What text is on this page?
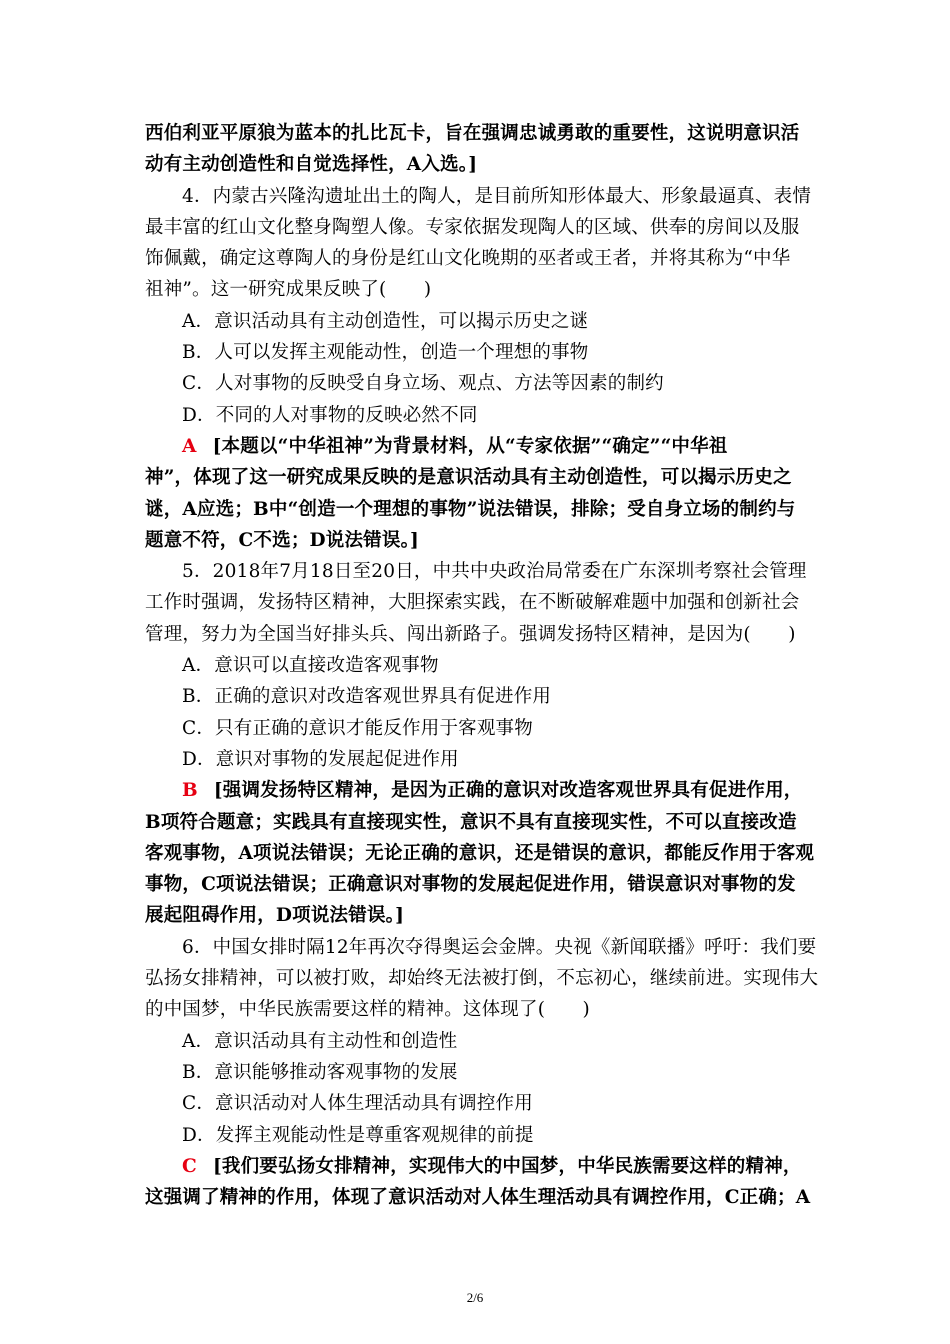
西伯利亚平原狼为蓝本的扎比瓦卡，旨在强调忠诚勇敢的重要性，这说明意识活
动有主动创造性和自觉选择性，A入选。]
4．内蒙古兴隆沟遗址出土的陶人，是目前所知形体最大、形象最逼真、表情
最丰富的红山文化整身陶塑人像。专家依据发现陶人的区域、供奉的房间以及服
饰佩戴，确定这尊陶人的身份是红山文化晚期的巫者或王者，并将其称为“中华
祖神”。这一研究成果反映了(　　)
A．意识活动具有主动创造性，可以揭示历史之谜
B．人可以发挥主观能动性，创造一个理想的事物
C．人对事物的反映受自身立场、观点、方法等因素的制约
D．不同的人对事物的反映必然不同
A [本题以“中华祖神”为背景材料，从“专家依据”“确定”“中华祖
神”，体现了这一研究成果反映的是意识活动具有主动创造性，可以揭示历史之
谜，A应选；B中“创造一个理想的事物”说法错误，排除；受自身立场的制约与
题意不符，C不选；D说法错误。]
5．2018年7月18日至20日，中共中央政治局常委在广东深圳考察社会管理
工作时强调，发扬特区精神，大胆探索实践，在不断破解难题中加强和创新社会
管理，努力为全国当好排头兵、闯出新路子。强调发扬特区精神，是因为(　　)
A．意识可以直接改造客观事物
B．正确的意识对改造客观世界具有促进作用
C．只有正确的意识才能反作用于客观事物
D．意识对事物的发展起促进作用
B [强调发扬特区精神，是因为正确的意识对改造客观世界具有促进作用，
B项符合题意；实践具有直接现实性，意识不具有直接现实性，不可以直接改造
客观事物，A项说法错误；无论正确的意识，还是错误的意识，都能反作用于客观
事物，C项说法错误；正确意识对事物的发展起促进作用，错误意识对事物的发
展起阻碍作用，D项说法错误。]
6．中国女排时隔12年再次夺得奥运会金牌。央视《新闻联播》呼吁：我们要
弘扬女排精神，可以被打败，却始终无法被打倒，不忘初心，继续前进。实现伟大
的中国梦，中华民族需要这样的精神。这体现了(　　)
A．意识活动具有主动性和创造性
B．意识能够推动客观事物的发展
C．意识活动对人体生理活动具有调控作用
D．发挥主观能动性是尊重客观规律的前提
C [我们要弘扬女排精神，实现伟大的中国梦，中华民族需要这样的精神，
这强调了精神的作用，体现了意识活动对人体生理活动具有调控作用，C正确；A
2/6
